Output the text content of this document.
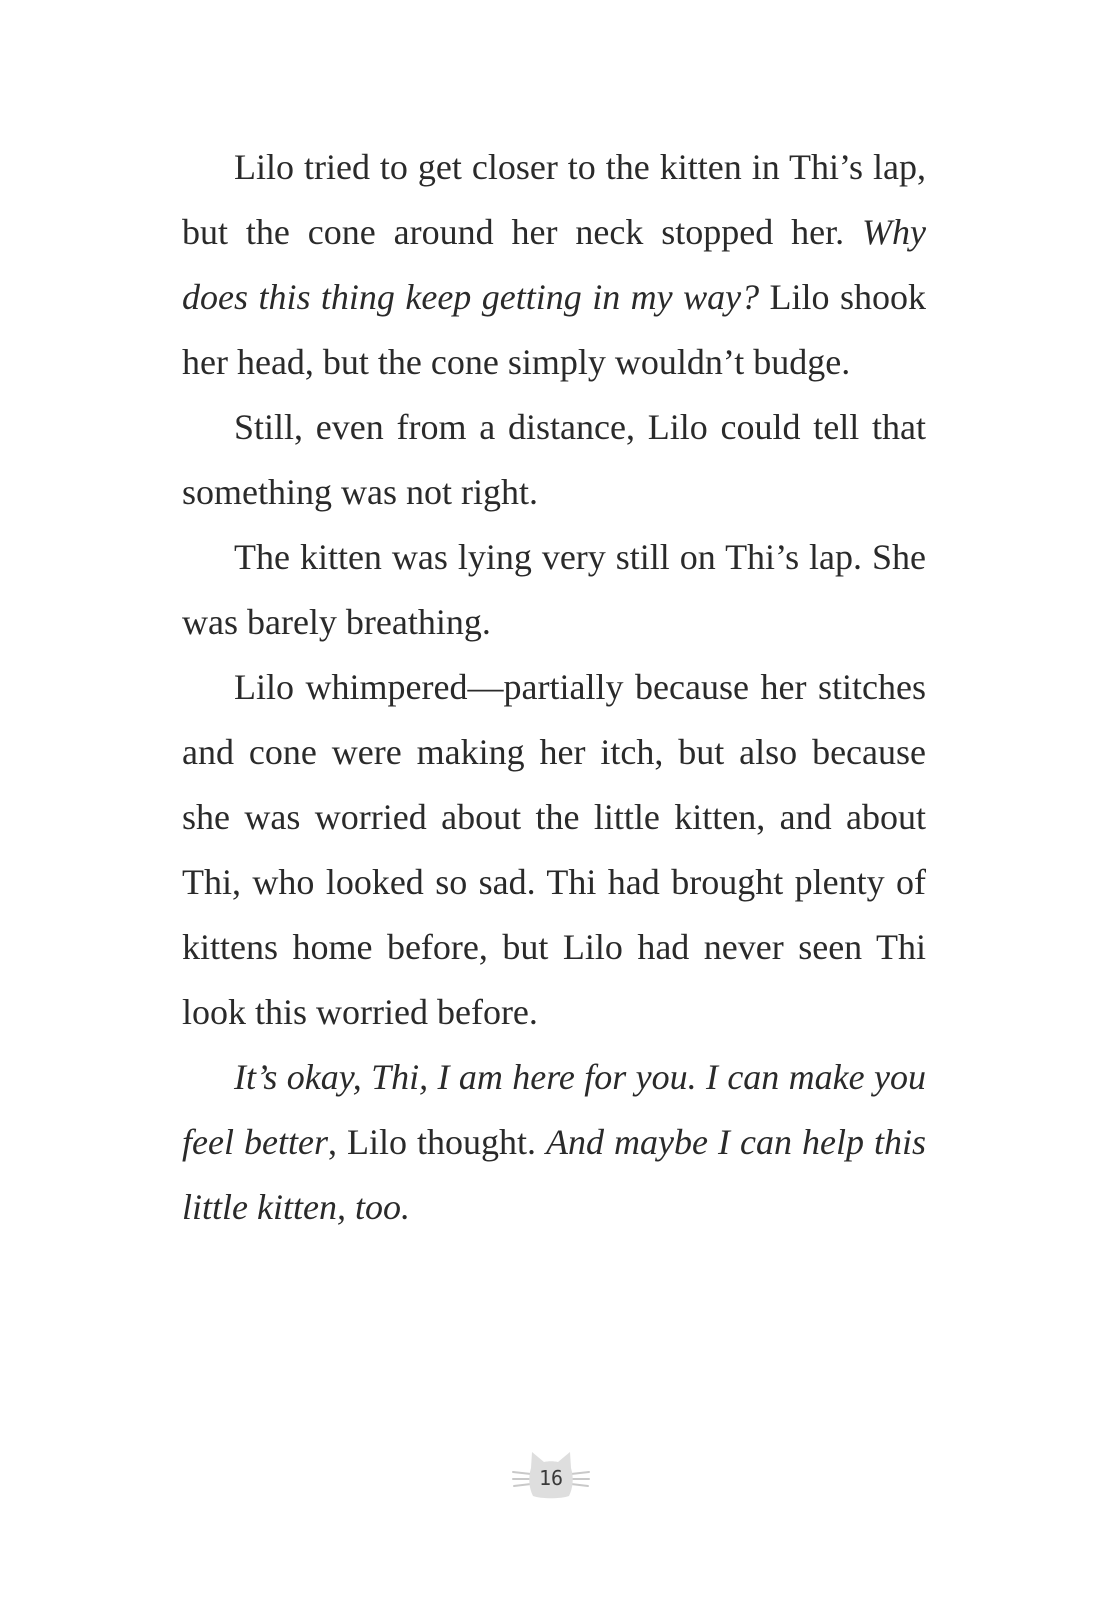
Lilo tried to get closer to the kitten in Thi’s lap, but the cone around her neck stopped her. Why does this thing keep getting in my way? Lilo shook her head, but the cone simply wouldn’t budge.

Still, even from a distance, Lilo could tell that something was not right.

The kitten was lying very still on Thi’s lap. She was barely breathing.

Lilo whimpered—partially because her stitches and cone were making her itch, but also because she was worried about the little kitten, and about Thi, who looked so sad. Thi had brought plenty of kittens home before, but Lilo had never seen Thi look this worried before.

It’s okay, Thi, I am here for you. I can make you feel better, Lilo thought. And maybe I can help this little kitten, too.

16
